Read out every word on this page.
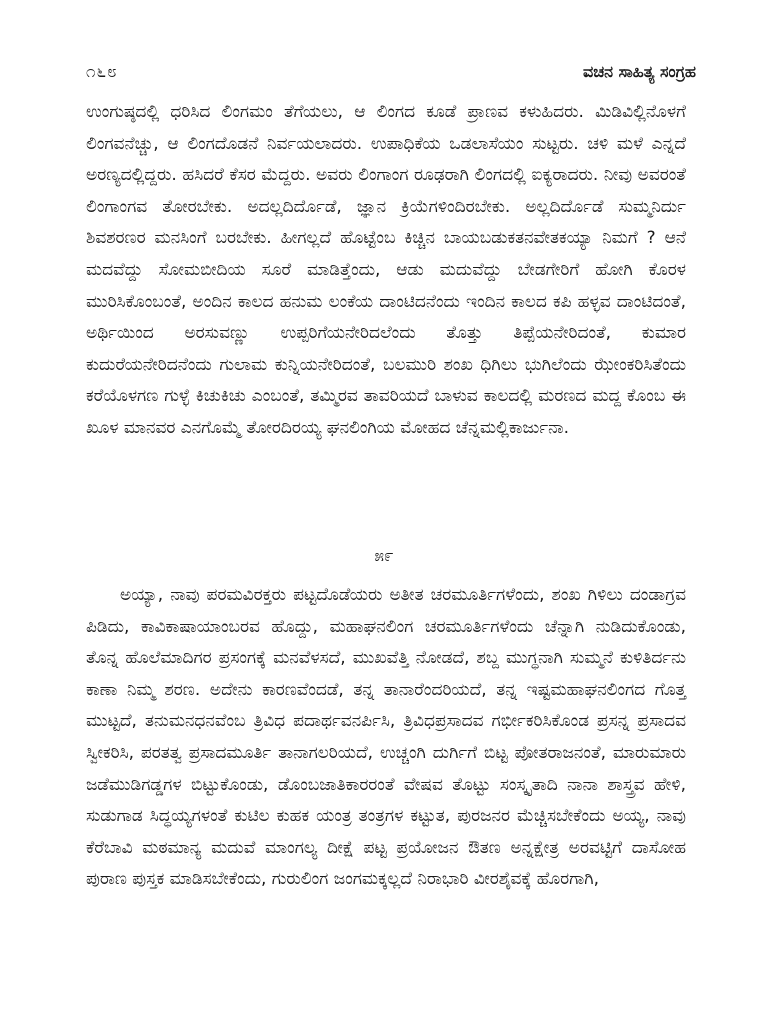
೧೬೮	ವಚನ ಸಾಹಿತ್ಯ ಸಂಗ್ರಹ

ಉಂಗುಷ್ಠದಲ್ಲಿ ಧರಿಸಿದ ಲಿಂಗಮಂ ತೆಗೆಯಲು, ಆ ಲಿಂಗದ ಕೂಡೆ ಪ್ರಾಣವ ಕಳುಹಿದರು. ಮಿಡಿವಿಲ್ಲಿನೊಳಗೆ ಲಿಂಗವನೆಚ್ಚು, ಆ ಲಿಂಗದೊಡನೆ ನಿರ್ವಯಲಾದರು. ಉಪಾಧಿಕೆಯ ಒಡಲಾಸೆಯಂ ಸುಟ್ಟರು. ಚಳಿ ಮಳೆ ಎನ್ನದೆ ಅರಣ್ಯದಲ್ಲಿದ್ದರು. ಹಸಿದರೆ ಕೆಸರ ಮೆದ್ದರು. ಅವರು ಲಿಂಗಾಂಗ ರೂಢರಾಗಿ ಲಿಂಗದಲ್ಲಿ ಐಕ್ಯರಾದರು. ನೀವು ಅವರಂತೆ ಲಿಂಗಾಂಗವ ತೋರಬೇಕು. ಅದಲ್ಲದಿರ್ದೊಡೆ, ಜ್ಞಾನ ಕ್ರಿಯೆಗಳಿಂದಿರಬೇಕು. ಅಲ್ಲದಿರ್ದೊಡೆ ಸುಮ್ಮನಿರ್ದು ಶಿವಶರಣರ ಮನಸಿಂಗೆ ಬರಬೇಕು. ಹೀಗಲ್ಲದೆ ಹೊಟ್ಟೆಂಬ ಕಿಚ್ಚಿನ ಬಾಯಬಡುಕತನವೇತಕಯ್ಯಾ ನಿಮಗೆ ? ಆನೆ ಮದವೆದ್ದು ಸೋಮಬೀದಿಯ ಸೂರೆ ಮಾಡಿತ್ತೆಂದು, ಆಡು ಮದುವೆದ್ದು ಬೇಡಗೇರಿಗೆ ಹೋಗಿ ಕೊರಳ ಮುರಿಸಿಕೊಂಬಂತೆ, ಅಂದಿನ ಕಾಲದ ಹನುಮ ಲಂಕೆಯ ದಾಂಟಿದನೆಂದು ಇಂದಿನ ಕಾಲದ ಕಪಿ ಹಳ್ಳವ ದಾಂಟಿದಂತೆ, ಅರ್ಥಿಯಿಂದ ಅರಸುವಣ್ಣು ಉಪ್ಪರಿಗೆಯನೇರಿದಲೆಂದು ತೊತ್ತು ತಿಪ್ಪೆಯನೇರಿದಂತೆ, ಕುಮಾರ ಕುದುರೆಯನೇರಿದನೆಂದು ಗುಲಾಮ ಕುನ್ನಿಯನೇರಿದಂತೆ, ಬಲಮುರಿ ಶಂಖ ಧಿಗಿಲು ಭುಗಿಲೆಂದು ಝೇಂಕರಿಸಿತೆಂದು ಕರೆಯೊಳಗಣ ಗುಳ್ಳೆ ಕಿಚುಕಿಚು ಎಂಬಂತೆ, ತಮ್ಮಿರವ ತಾವರಿಯದೆ ಬಾಳುವ ಕಾಲದಲ್ಲಿ ಮರಣದ ಮದ್ದ ಕೊಂಬ ಈ ಖೂಳ ಮಾನವರ ಎನಗೊಮ್ಮೆ ತೋರದಿರಯ್ಯ ಘನಲಿಂಗಿಯ ಮೋಹದ ಚೆನ್ನಮಲ್ಲಿಕಾರ್ಜುನಾ.

೫೯

ಅಯ್ಯಾ, ನಾವು ಪರಮವಿರಕ್ತರು ಪಟ್ಟದೊಡೆಯರು ಅತೀತ ಚರಮೂರ್ತಿಗಳೆಂದು, ಶಂಖ ಗಿಳಿಲು ದಂಡಾಗ್ರವ ಪಿಡಿದು, ಕಾವಿಕಾಷಾಯಾಂಬರವ ಹೊದ್ದು, ಮಹಾಘನಲಿಂಗ ಚರಮೂರ್ತಿಗಳೆಂದು ಚೆನ್ನಾಗಿ ನುಡಿದುಕೊಂಡು, ತೊನ್ನ ಹೊಲೆಮಾದಿಗರ ಪ್ರಸಂಗಕ್ಕೆ ಮನವೆಳಸದೆ, ಮುಖವೆತ್ತಿ ನೋಡದೆ, ಶಬ್ದ ಮುಗ್ಧನಾಗಿ ಸುಮ್ಮನೆ ಕುಳಿತಿರ್ದನು ಕಾಣಾ ನಿಮ್ಮ ಶರಣ. ಅದೇನು ಕಾರಣವೆಂದಡೆ, ತನ್ನ ತಾನಾರೆಂದರಿಯದೆ, ತನ್ನ ಇಷ್ಟಮಹಾಘನಲಿಂಗದ ಗೊತ್ತ ಮುಟ್ಟದೆ, ತನುಮನಧನವೆಂಬ ತ್ರಿವಿಧ ಪದಾರ್ಥವನರ್ಪಿಸಿ, ತ್ರಿವಿಧಪ್ರಸಾದವ ಗರ್ಭೀಕರಿಸಿಕೊಂಡ ಪ್ರಸನ್ನ ಪ್ರಸಾದವ ಸ್ವೀಕರಿಸಿ, ಪರತತ್ವ ಪ್ರಸಾದಮೂರ್ತಿ ತಾನಾಗಲರಿಯದೆ, ಉಚ್ಚಂಗಿ ದುರ್ಗಿಗೆ ಬಿಟ್ಟ ಪೋತರಾಜನಂತೆ, ಮಾರುಮಾರು ಜಡೆಮುಡಿಗಡ್ಡಗಳ ಬಿಟ್ಟುಕೊಂಡು, ಡೊಂಬಜಾತಿಕಾರರಂತೆ ವೇಷವ ತೊಟ್ಟು ಸಂಸ್ಕೃತಾದಿ ನಾನಾ ಶಾಸ್ತ್ರವ ಹೇಳಿ, ಸುಡುಗಾಡ ಸಿದ್ಧಯ್ಯಗಳಂತೆ ಕುಟಿಲ ಕುಹಕ ಯಂತ್ರ ತಂತ್ರಗಳ ಕಟ್ಟುತ, ಪುರಜನರ ಮೆಚ್ಚಿಸಬೇಕೆಂದು ಅಯ್ಯ, ನಾವು ಕೆರೆಬಾವಿ ಮಠಮಾನ್ಯ ಮದುವೆ ಮಾಂಗಲ್ಯ ದೀಕ್ಷೆ ಪಟ್ಟ ಪ್ರಯೋಜನ ಔತಣ ಅನ್ನಕ್ಷೇತ್ರ ಅರವಟ್ಟಿಗೆ ದಾಸೋಹ ಪುರಾಣ ಪುಸ್ತಕ ಮಾಡಿಸಬೇಕೆಂದು, ಗುರುಲಿಂಗ ಜಂಗಮಕ್ಕಲ್ಲದೆ ನಿರಾಭಾರಿ ವೀರಶೈವಕ್ಕೆ ಹೊರಗಾಗಿ,
